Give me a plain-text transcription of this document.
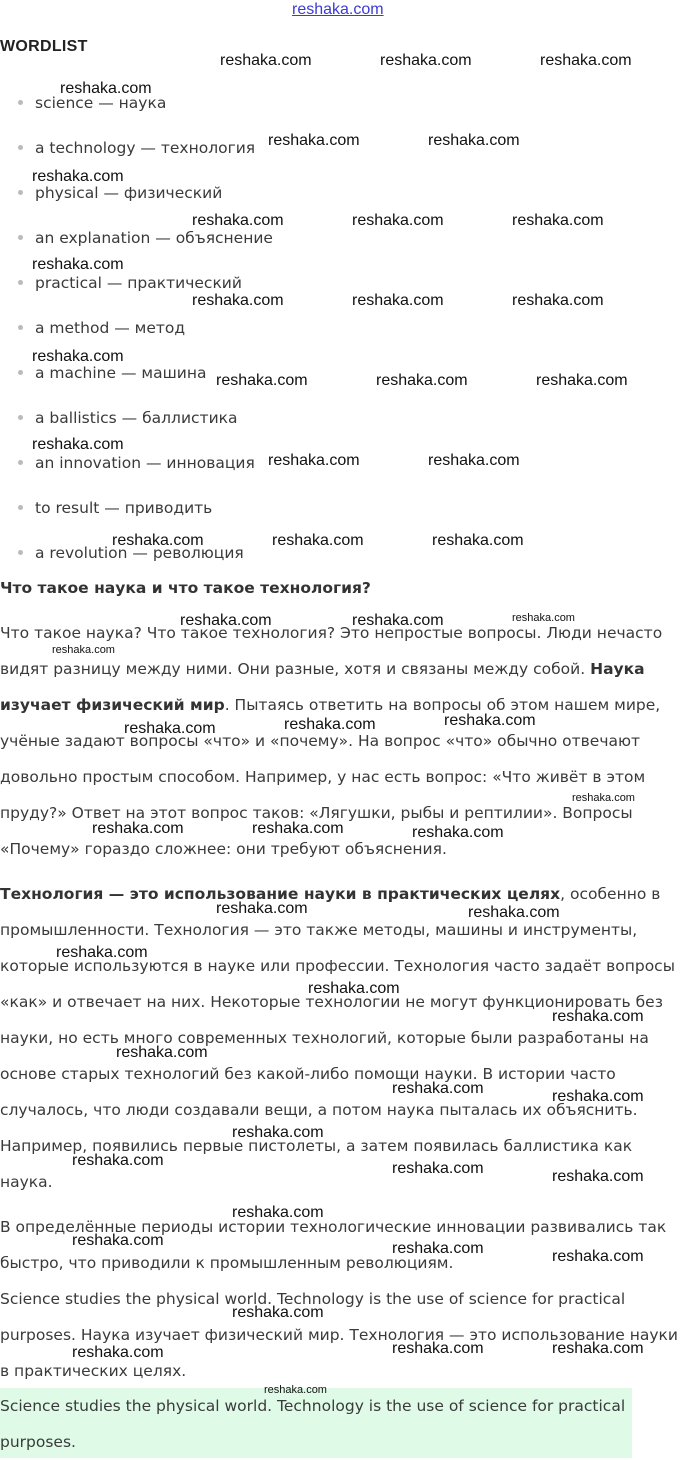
reshaka.com
WORDLIST
science — наука
a technology — технология
physical — физический
an explanation — объяснение
practical — практический
a method — метод
a machine — машина
a ballistics — баллистика
an innovation — инновация
to result — приводить
a revolution — революция
Что такое наука и что такое технология?

Что такое наука? Что такое технология? Это непростые вопросы. Люди нечасто видят разницу между ними. Они разные, хотя и связаны между собой. Наука изучает физический мир. Пытаясь ответить на вопросы об этом нашем мире, учёные задают вопросы «что» и «почему». На вопрос «что» обычно отвечают довольно простым способом. Например, у нас есть вопрос: «Что живёт в этом пруду?» Ответ на этот вопрос таков: «Лягушки, рыбы и рептилии». Вопросы «Почему» гораздо сложнее: они требуют объяснения.

Технология — это использование науки в практических целях, особенно в промышленности. Технология — это также методы, машины и инструменты, которые используются в науке или профессии. Технология часто задаёт вопросы «как» и отвечает на них. Некоторые технологии не могут функционировать без науки, но есть много современных технологий, которые были разработаны на основе старых технологий без какой-либо помощи науки. В истории часто случалось, что люди создавали вещи, а потом наука пыталась их объяснить. Например, появились первые пистолеты, а затем появилась баллистика как наука.

В определённые периоды истории технологические инновации развивались так быстро, что приводили к промышленным революциям.

Science studies the physical world. Technology is the use of science for practical purposes. Наука изучает физический мир. Технология — это использование науки в практических целях.

Science studies the physical world. Technology is the use of science for practical purposes.

reshaka.com	reshaka.com	reshaka.com
reshaka.com
reshaka.com	reshaka.com
reshaka.com
reshaka.com	reshaka.com	reshaka.com
reshaka.com
reshaka.com	reshaka.com	reshaka.com
reshaka.com
reshaka.com	reshaka.com	reshaka.com
reshaka.com
reshaka.com	reshaka.com
reshaka.com	reshaka.com	reshaka.com
reshaka.com	reshaka.com	reshaka.com
reshaka.com
reshaka.com	reshaka.com	reshaka.com
reshaka.com
reshaka.com	reshaka.com	reshaka.com
reshaka.com	reshaka.com
reshaka.com
reshaka.com
reshaka.com
reshaka.com
reshaka.com	reshaka.com
reshaka.com
reshaka.com	reshaka.com	reshaka.com
reshaka.com
reshaka.com	reshaka.com	reshaka.com
reshaka.com
reshaka.com	reshaka.com	reshaka.com
reshaka.com
